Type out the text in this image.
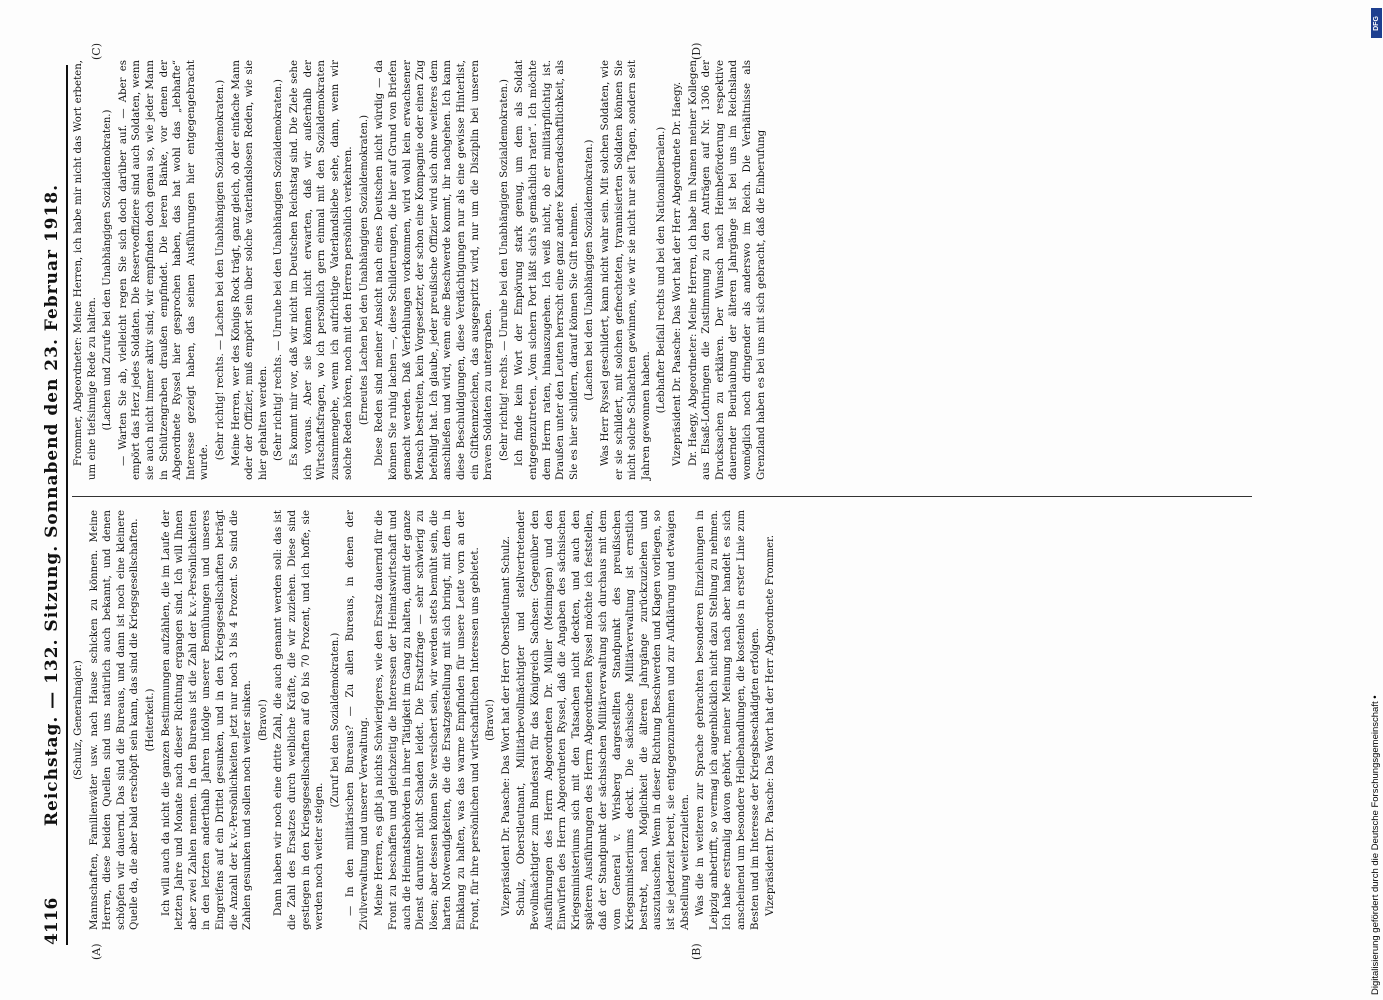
4116
Reichstag. — 132. Sitzung. Sonnabend den 23. Februar 1918.
(A)	(B)
(C)	(D)

(Schulz, Generalmajor.) Mannschaften, Familienväter usw. nach Hause schicken zu können. Meine Herren, diese beiden Quellen sind uns natürlich auch bekannt, und denen schöpfen wir dauernd. Das sind die Bureaus, und dann ist noch eine kleinere Quelle da, die aber bald erschöpft sein kann, das sind die Kriegsgesellschaften. (Heiterkeit.) Ich will auch da nicht die ganzen Bestimmungen aufzählen, die im Laufe der letzten Jahre und Monate nach dieser Richtung ergangen sind. Ich will Ihnen aber zwei Zahlen nennen. In den Bureaus ist die Zahl der k.v.-Persönlichkeiten in den letzten anderthalb Jahren infolge unserer Bemühungen und unseres Eingreifens auf ein Drittel gesunken, und in den Kriegsgesellschaften beträgt die Anzahl der k.v.-Persönlichkeiten jetzt nur noch 3 bis 4 Prozent. So sind die Zahlen gesunken und sollen noch weiter sinken. (Bravo!) Dann haben wir noch eine dritte Zahl, die auch genannt werden soll: das ist die Zahl des Ersatzes durch weibliche Kräfte, die wir zuziehen. Diese sind gestiegen in den Kriegsgesellschaften auf 60 bis 70 Prozent, und ich hoffe, sie werden noch weiter steigen.

(Zuruf bei den Sozialdemokraten.) — In den militärischen Bureaus? — Zu allen Bureaus, in denen der Zivilverwaltung und unserer Verwaltung. Meine Herren, es gibt ja nichts Schwierigeres, wie den Ersatz dauernd für die Front zu beschaffen und gleichzeitig die Interessen der Heimatswirtschaft und auch die Heimatsbehörden in ihrer Tätigkeit im Gang zu halten, damit der ganze Dienst darunter nicht Schaden leidet. Die Ersatzfrage — sehr schwierig zu lösen; aber dessen können Sie versichert sein, wir werden stets bemüht sein, die harten Notwendigkeiten, die die Ersatzgestellung mit sich bringt, mit dem in Einklang zu halten, was das warme Empfinden für unsere Leute vorn an der Front, für ihre persönlichen und wirtschaftlichen Interessen uns gebietet. (Bravo!) Vizepräsident Dr. Paasche: Das Wort hat der Herr Oberstleutnant Schulz. Schulz, Oberstleutnant, Militärbevollmächtigter und stellvertretender Bevollmächtigter zum Bundesrat für das Königreich Sachsen: Gegenüber den Ausführungen des Herrn Abgeordneten Dr. Müller (Meiningen) und den Einwürfen des Herrn Abgeordneten Ryssel, daß die Angaben des sächsischen Kriegsministeriums sich mit den Tatsachen nicht deckten, und auch den späteren Ausführungen des Herrn Abgeordneten Ryssel möchte ich feststellen, daß der Standpunkt der sächsischen Militärverwaltung sich durchaus mit dem vom General v. Wrisberg dargestellten Standpunkt des preußischen Kriegsministeriums deckt. Die sächsische Militärverwaltung ist ernstlich bestrebt, nach Möglichkeit die älteren Jahrgänge zurückzuziehen und auszutauschen. Wenn in dieser Richtung Beschwerden und Klagen vorliegen, so ist sie jederzeit bereit, sie entgegenzunehmen und zur Aufklärung und etwaigen Abstellung weiterzuleiten. Was die in weiteren zur Sprache gebrachten besonderen Einziehungen in Leipzig anbetrifft, so vermag ich augenblicklich nicht dazu Stellung zu nehmen. Ich habe erstmalig davon gehört, meiner Meinung nach aber handelt es sich anscheinend um besondere Heilbehandlungen, die kostenlos in erster Linie zum Besten und im Interesse der Kriegsbeschädigten erfolgen. Vizepräsident Dr. Paasche: Das Wort hat der Herr Abgeordnete Frommer.

Frommer, Abgeordneter: Meine Herren, ich habe mir nicht das Wort erbeten, um eine tiefsinnige Rede zu halten. (Lachen und Zurufe bei den Unabhängigen Sozialdemokraten.) — Warten Sie ab, vielleicht regen Sie sich doch darüber auf. — Aber es empört das Herz jedes Soldaten. Die Reserveoffiziere sind auch Soldaten, wenn sie auch nicht immer aktiv sind; wir empfinden doch genau so, wie jeder Mann in Schützengraben draußen empfindet. Die leeren Bänke, vor denen der Abgeordnete Ryssel hier gesprochen haben, das hat wohl das „lebhafte“ Interesse gezeigt haben, das seinen Ausführungen hier entgegengebracht wurde.

(Sehr richtig! rechts. — Lachen bei den Unabhängigen Sozialdemokraten.) Meine Herren, wer des Königs Rock trägt, ganz gleich, ob der einfache Mann oder der Offizier, muß empört sein über solche vaterlandslosen Reden, wie sie hier gehalten werden. (Sehr richtig! rechts. — Unruhe bei den Unabhängigen Sozialdemokraten.) Es kommt mir vor, daß wir nicht im Deutschen Reichstag sind. Die Ziele sehe ich voraus. Aber sie können nicht erwarten, daß wir außerhalb der Wirtschaftsfragen, wo ich persönlich gern einmal mit den Sozialdemokraten zusammengehe, wenn ich aufrichtige Vaterlandsliebe sehe, dann, wenn wir solche Reden hören, noch mit den Herren persönlich verkehren. (Erneutes Lachen bei den Unabhängigen Sozialdemokraten.) Diese Reden sind meiner Ansicht nach eines Deutschen nicht würdig — da können Sie ruhig lachen —, diese Schilderungen, die hier auf Grund von Briefen gemacht werden. Daß Verfehlungen vorkommen, wird wohl kein erwachsener Mensch bestreiten, kein Vorgesetzter, der schon eine Kompagnie oder einen Zug befehligt hat. Ich glaube, jeder preußische Offizier wird sich ohne weiteres dem anschließen und wird, wenn eine Beschwerde kommt, ihr nachgehen. Ich kann diese Beschuldigungen, diese Verdächtigungen nur als eine gewisse Hinterlist, ein Giftkennzeichen, das ausgespritzt wird, nur um die Disziplin bei unseren braven Soldaten zu untergraben. (Sehr richtig! rechts. — Unruhe bei den Unabhängigen Sozialdemokraten.) Ich finde kein Wort der Empörung stark genug, um dem als Soldat entgegenzutreten. „Vom sichern Port läßt sich's gemächlich raten“. Ich möchte dem Herrn raten, hinauszugehen. Ich weiß nicht, ob er militärpflichtig ist. Draußen unter den Leuten herrscht eine ganz andere Kameradschaftlichkeit, als Sie es hier schildern, darauf können Sie Gift nehmen. (Lachen bei den Unabhängigen Sozialdemokraten.) Was Herr Ryssel geschildert, kann nicht wahr sein. Mit solchen Soldaten, wie er sie schildert, mit solchen gefnechteten, tyrannisierten Soldaten können Sie nicht solche Schlachten gewinnen, wie wir sie nicht nur seit Tagen, sondern seit Jahren gewonnen haben.

(Lebhafter Beifall rechts und bei den Nationalliberalen.) Vizepräsident Dr. Paasche: Das Wort hat der Herr Abgeordnete Dr. Haegy. Dr. Haegy, Abgeordneter: Meine Herren, ich habe im Namen meiner Kollegen aus Elsaß-Lothringen die Zustimmung zu den Anträgen auf Nr. 1306 der Drucksachen zu erklären. Der Wunsch nach Heimbeförderung respektive dauernder Beurlaubung der älteren Jahrgänge ist bei uns im Reichsland womöglich noch dringender als anderswo im Reich. Die Verhältnisse als Grenzland haben es bei uns mit sich gebracht, daß die Einberufung

DFG
Digitalisierung gefördert durch die Deutsche Forschungsgemeinschaft •
